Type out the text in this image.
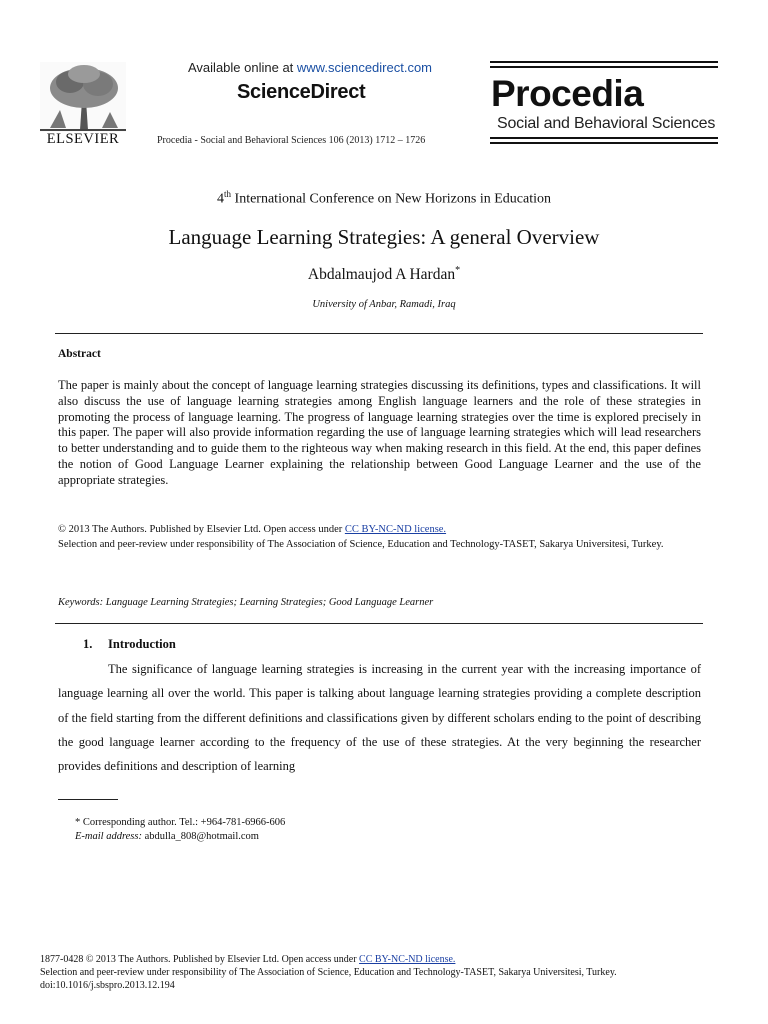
ELSEVIER
Available online at www.sciencedirect.com
ScienceDirect
Procedia - Social and Behavioral Sciences 106 (2013) 1712 – 1726
Procedia
Social and Behavioral Sciences
4th International Conference on New Horizons in Education
Language Learning Strategies: A general Overview
Abdalmaujod A Hardan*
University of Anbar, Ramadi, Iraq
Abstract
The paper is mainly about the concept of language learning strategies discussing its definitions, types and classifications. It will also discuss the use of language learning strategies among English language learners and the role of these strategies in promoting the process of language learning. The progress of language learning strategies over the time is explored precisely in this paper. The paper will also provide information regarding the use of language learning strategies which will lead researchers to better understanding and to guide them to the righteous way when making research in this field. At the end, this paper defines the notion of Good Language Learner explaining the relationship between Good Language Learner and the use of the appropriate strategies.
© 2013 The Authors. Published by Elsevier Ltd. Open access under CC BY-NC-ND license.
Selection and peer-review under responsibility of The Association of Science, Education and Technology-TASET, Sakarya Universitesi, Turkey.
Keywords: Language Learning Strategies; Learning Strategies; Good Language Learner
1. Introduction
The significance of language learning strategies is increasing in the current year with the increasing importance of language learning all over the world. This paper is talking about language learning strategies providing a complete description of the field starting from the different definitions and classifications given by different scholars ending to the point of describing the good language learner according to the frequency of the use of these strategies. At the very beginning the researcher provides definitions and description of learning
* Corresponding author. Tel.: +964-781-6966-606
E-mail address: abdulla_808@hotmail.com
1877-0428 © 2013 The Authors. Published by Elsevier Ltd. Open access under CC BY-NC-ND license.
Selection and peer-review under responsibility of The Association of Science, Education and Technology-TASET, Sakarya Universitesi, Turkey.
doi:10.1016/j.sbspro.2013.12.194
